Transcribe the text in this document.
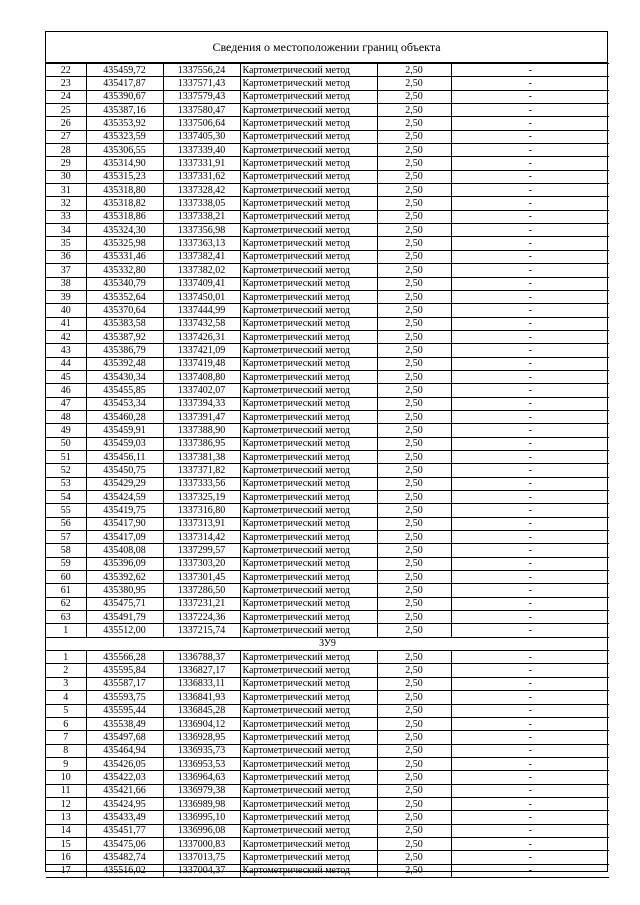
Сведения о местоположении границ объекта
22	435459,72	1337556,24	Картометрический метод	2,50	-
23	435417,87	1337571,43	Картометрический метод	2,50	-
24	435390,67	1337579,43	Картометрический метод	2,50	-
25	435387,16	1337580,47	Картометрический метод	2,50	-
26	435353,92	1337506,64	Картометрический метод	2,50	-
27	435323,59	1337405,30	Картометрический метод	2,50	-
28	435306,55	1337339,40	Картометрический метод	2,50	-
29	435314,90	1337331,91	Картометрический метод	2,50	-
30	435315,23	1337331,62	Картометрический метод	2,50	-
31	435318,80	1337328,42	Картометрический метод	2,50	-
32	435318,82	1337338,05	Картометрический метод	2,50	-
33	435318,86	1337338,21	Картометрический метод	2,50	-
34	435324,30	1337356,98	Картометрический метод	2,50	-
35	435325,98	1337363,13	Картометрический метод	2,50	-
36	435331,46	1337382,41	Картометрический метод	2,50	-
37	435332,80	1337382,02	Картометрический метод	2,50	-
38	435340,79	1337409,41	Картометрический метод	2,50	-
39	435352,64	1337450,01	Картометрический метод	2,50	-
40	435370,64	1337444,99	Картометрический метод	2,50	-
41	435383,58	1337432,58	Картометрический метод	2,50	-
42	435387,92	1337426,31	Картометрический метод	2,50	-
43	435386,79	1337421,09	Картометрический метод	2,50	-
44	435392,48	1337419,48	Картометрический метод	2,50	-
45	435430,34	1337408,80	Картометрический метод	2,50	-
46	435455,85	1337402,07	Картометрический метод	2,50	-
47	435453,34	1337394,33	Картометрический метод	2,50	-
48	435460,28	1337391,47	Картометрический метод	2,50	-
49	435459,91	1337388,90	Картометрический метод	2,50	-
50	435459,03	1337386,95	Картометрический метод	2,50	-
51	435456,11	1337381,38	Картометрический метод	2,50	-
52	435450,75	1337371,82	Картометрический метод	2,50	-
53	435429,29	1337333,56	Картометрический метод	2,50	-
54	435424,59	1337325,19	Картометрический метод	2,50	-
55	435419,75	1337316,80	Картометрический метод	2,50	-
56	435417,90	1337313,91	Картометрический метод	2,50	-
57	435417,09	1337314,42	Картометрический метод	2,50	-
58	435408,08	1337299,57	Картометрический метод	2,50	-
59	435396,09	1337303,20	Картометрический метод	2,50	-
60	435392,62	1337301,45	Картометрический метод	2,50	-
61	435380,95	1337286,50	Картометрический метод	2,50	-
62	435475,71	1337231,21	Картометрический метод	2,50	-
63	435491,79	1337224,36	Картометрический метод	2,50	-
1	435512,00	1337215,74	Картометрический метод	2,50	-
ЗУ9					
1	435566,28	1336788,37	Картометрический метод	2,50	-
2	435595,84	1336827,17	Картометрический метод	2,50	-
3	435587,17	1336833,11	Картометрический метод	2,50	-
4	435593,75	1336841,93	Картометрический метод	2,50	-
5	435595,44	1336845,28	Картометрический метод	2,50	-
6	435538,49	1336904,12	Картометрический метод	2,50	-
7	435497,68	1336928,95	Картометрический метод	2,50	-
8	435464,94	1336935,73	Картометрический метод	2,50	-
9	435426,05	1336953,53	Картометрический метод	2,50	-
10	435422,03	1336964,63	Картометрический метод	2,50	-
11	435421,66	1336979,38	Картометрический метод	2,50	-
12	435424,95	1336989,98	Картометрический метод	2,50	-
13	435433,49	1336995,10	Картометрический метод	2,50	-
14	435451,77	1336996,08	Картометрический метод	2,50	-
15	435475,06	1337000,83	Картометрический метод	2,50	-
16	435482,74	1337013,75	Картометрический метод	2,50	-
17	435516,02	1337004,37	Картометрический метод	2,50	-
